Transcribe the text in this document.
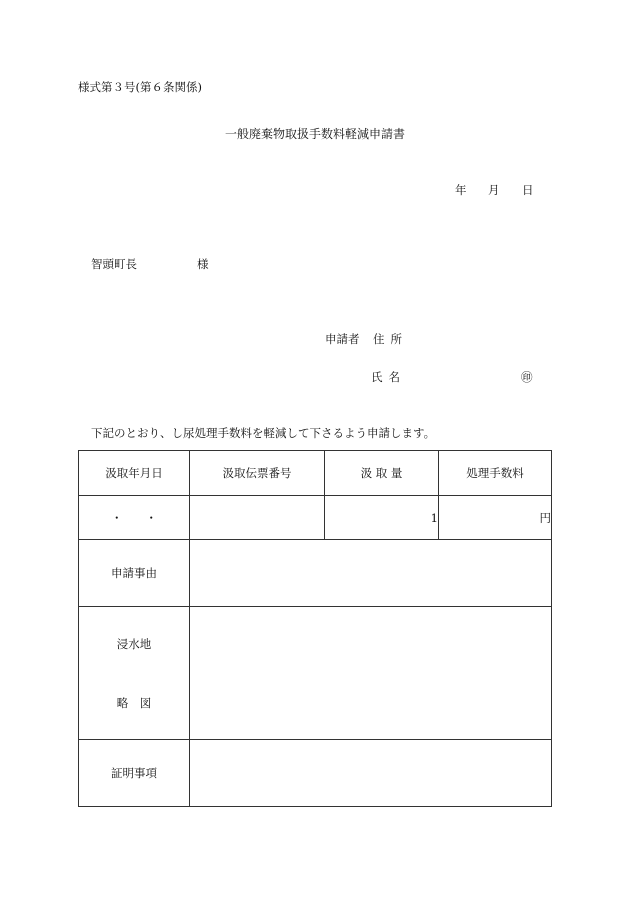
様式第３号(第６条関係)
一般廃棄物取扱手数料軽減申請書
年 月 日
智頭町長	様
申請者 住所
氏名	㊞
下記のとおり、し尿処理手数料を軽減して下さるよう申請します。
汲取年月日	汲取伝票番号	汲 取 量	処理手数料
・　　・		1	円
申請事由			

浸水地
略　図			

証明事項			
